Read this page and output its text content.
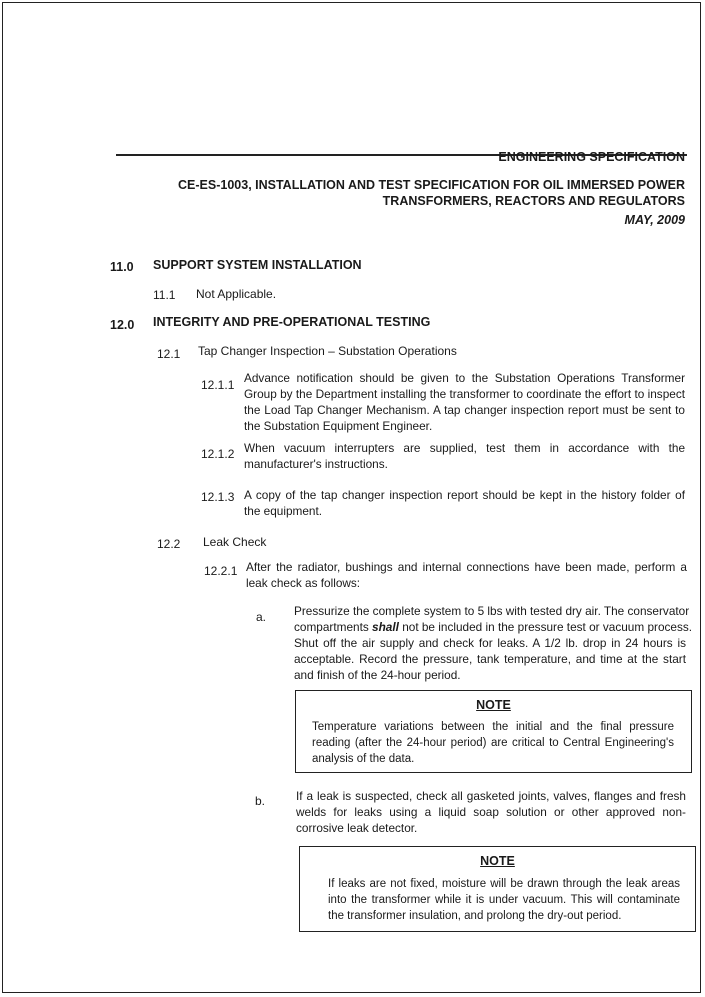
ENGINEERING SPECIFICATION
CE-ES-1003, INSTALLATION AND TEST SPECIFICATION FOR OIL IMMERSED POWER
TRANSFORMERS, REACTORS AND REGULATORS
MAY, 2009
11.0 SUPPORT SYSTEM INSTALLATION
11.1 Not Applicable.
12.0 INTEGRITY AND PRE-OPERATIONAL TESTING
12.1 Tap Changer Inspection – Substation Operations
12.1.1 Advance notification should be given to the Substation Operations Transformer
Group by the Department installing the transformer to coordinate the effort to inspect
the Load Tap Changer Mechanism. A tap changer inspection report must be sent to
the Substation Equipment Engineer.
12.1.2 When vacuum interrupters are supplied, test them in accordance with the
manufacturer's instructions.
12.1.3 A copy of the tap changer inspection report should be kept in the history folder of
the equipment.
12.2 Leak Check
12.2.1 After the radiator, bushings and internal connections have been made, perform a
leak check as follows:
a. Pressurize the complete system to 5 lbs with tested dry air. The conservator
compartments shall not be included in the pressure test or vacuum process.
Shut off the air supply and check for leaks. A 1/2 lb. drop in 24 hours is
acceptable. Record the pressure, tank temperature, and time at the start
and finish of the 24-hour period.
NOTE
Temperature variations between the initial and the final pressure
reading (after the 24-hour period) are critical to Central Engineering's
analysis of the data.
b.	If a leak is suspected, check all gasketed joints, valves, flanges and fresh
welds for leaks using a liquid soap solution or other approved non-
corrosive leak detector.
NOTE
If leaks are not fixed, moisture will be drawn through the leak areas
into the transformer while it is under vacuum. This will contaminate
the transformer insulation, and prolong the dry-out period.
